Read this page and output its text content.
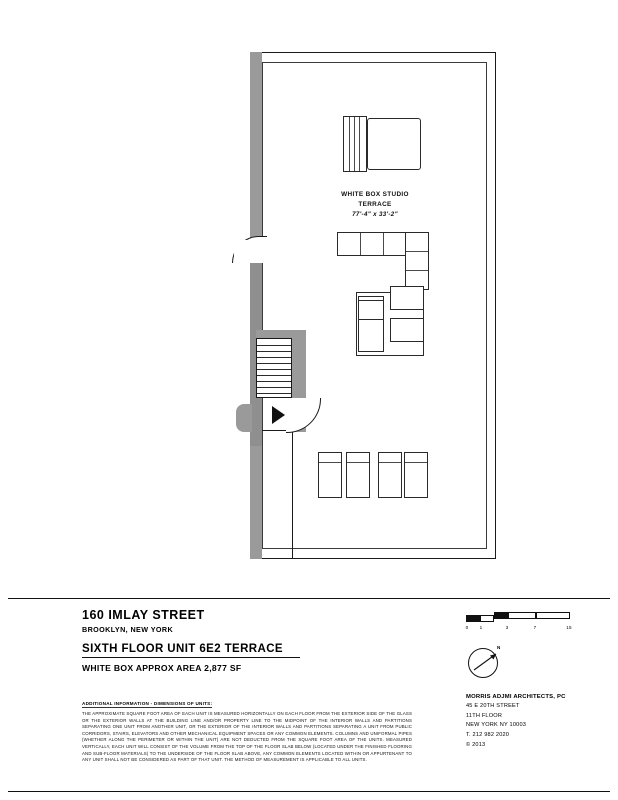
WHITE BOX STUDIO
TERRACE
77'-4" x 33'-2"
160 IMLAY STREET
BROOKLYN, NEW YORK
SIXTH FLOOR UNIT 6E2 TERRACE
WHITE BOX APPROX AREA 2,877 SF
ADDITIONAL INFORMATION - DIMENSIONS OF UNITS:
THE APPROXIMATE SQUARE FOOT AREA OF EACH UNIT IS MEASURED HORIZONTALLY ON EACH FLOOR FROM THE EXTERIOR SIDE OF THE GLASS OR THE EXTERIOR WALLS AT THE BUILDING LINE AND/OR PROPERTY LINE TO THE MIDPOINT OF THE INTERIOR WALLS AND PARTITIONS SEPARATING ONE UNIT FROM ANOTHER UNIT, OR THE EXTERIOR OF THE INTERIOR WALLS AND PARTITIONS SEPARATING A UNIT FROM PUBLIC CORRIDORS, STAIRS, ELEVATORS AND OTHER MECHANICAL EQUIPMENT SPACES OR ANY COMMON ELEMENTS. COLUMNS AND UNIFORMAL PIPES (WHETHER ALONG THE PERIMETER OR WITHIN THE UNIT) ARE NOT DEDUCTED FROM THE SQUARE FOOT AREA OF THE UNITS. MEASURED VERTICALLY, EACH UNIT WILL CONSIST OF THE VOLUME FROM THE TOP OF THE FLOOR SLAB BELOW (LOCATED UNDER THE FINISHED FLOORING AND SUB-FLOOR MATERIALS) TO THE UNDERSIDE OF THE FLOOR SLAB ABOVE, ANY COMMON ELEMENTS LOCATED WITHIN OR APPURTENANT TO ANY UNIT SHALL NOT BE CONSIDERED AS PART OF THAT UNIT. THE METHOD OF MEASUREMENT IS APPLICABLE TO ALL UNITS.
MORRIS ADJMI ARCHITECTS, PC
45 E 20TH STREET
11TH FLOOR
NEW YORK NY 10003
T. 212 982 2020
© 2013
0 1	3	7	15
N
